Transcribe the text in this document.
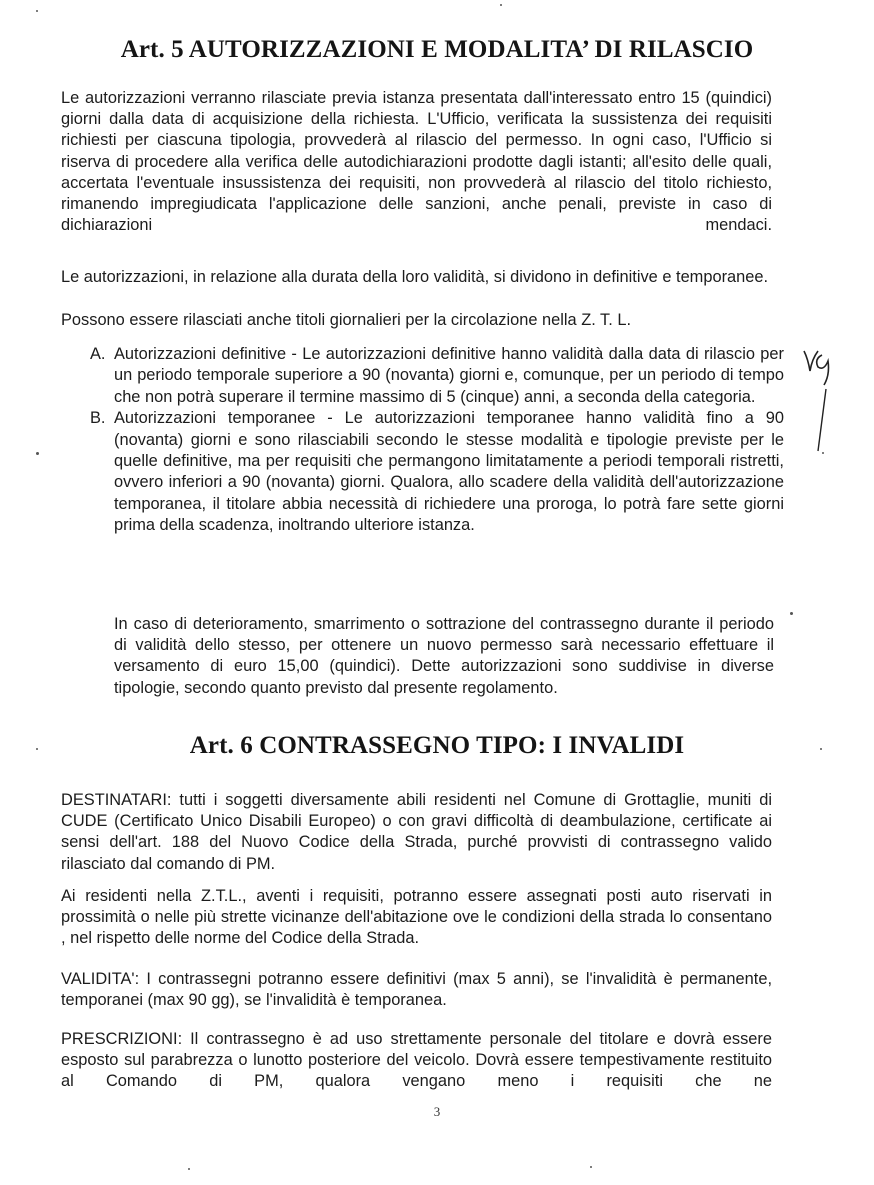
Art. 5 AUTORIZZAZIONI E MODALITA’ DI RILASCIO

Le autorizzazioni verranno rilasciate previa istanza presentata dall'interessato entro 15 (quindici) giorni dalla data di acquisizione della richiesta. L'Ufficio, verificata la sussistenza dei requisiti richiesti per ciascuna tipologia, provvederà al rilascio del permesso. In ogni caso, l'Ufficio si riserva di procedere alla verifica delle autodichiarazioni prodotte dagli istanti; all'esito delle quali, accertata l'eventuale insussistenza dei requisiti, non provvederà al rilascio del titolo richiesto, rimanendo impregiudicata l'applicazione delle sanzioni, anche penali, previste in caso di dichiarazioni mendaci.

Le autorizzazioni, in relazione alla durata della loro validità, si dividono in definitive e temporanee.

Possono essere rilasciati anche titoli giornalieri per la circolazione nella Z. T. L.

A. Autorizzazioni definitive - Le autorizzazioni definitive hanno validità dalla data di rilascio per un periodo temporale superiore a 90 (novanta) giorni e, comunque, per un periodo di tempo che non potrà superare il termine massimo di 5 (cinque) anni, a seconda della categoria.
B. Autorizzazioni temporanee - Le autorizzazioni temporanee hanno validità fino a 90 (novanta) giorni e sono rilasciabili secondo le stesse modalità e tipologie previste per le quelle definitive, ma per requisiti che permangono limitatamente a periodi temporali ristretti, ovvero inferiori a 90 (novanta) giorni. Qualora, allo scadere della validità dell'autorizzazione temporanea, il titolare abbia necessità di richiedere una proroga, lo potrà fare sette giorni prima della scadenza, inoltrando ulteriore istanza.

In caso di deterioramento, smarrimento o sottrazione del contrassegno durante il periodo di validità dello stesso, per ottenere un nuovo permesso sarà necessario effettuare il versamento di euro 15,00 (quindici). Dette autorizzazioni sono suddivise in diverse tipologie, secondo quanto previsto dal presente regolamento.

Art. 6 CONTRASSEGNO TIPO: I INVALIDI

DESTINATARI: tutti i soggetti diversamente abili residenti nel Comune di Grottaglie, muniti di CUDE (Certificato Unico Disabili Europeo) o con gravi difficoltà di deambulazione, certificate ai sensi dell'art. 188 del Nuovo Codice della Strada, purché provvisti di contrassegno valido rilasciato dal comando di PM.

Ai residenti nella Z.T.L., aventi i requisiti, potranno essere assegnati posti auto riservati in prossimità o nelle più strette vicinanze dell'abitazione ove le condizioni della strada lo consentano , nel rispetto delle norme del Codice della Strada.

VALIDITA': I contrassegni potranno essere definitivi (max 5 anni), se l'invalidità è permanente, temporanei (max 90 gg), se l'invalidità è temporanea.

PRESCRIZIONI: Il contrassegno è ad uso strettamente personale del titolare e dovrà essere esposto sul parabrezza o lunotto posteriore del veicolo. Dovrà essere tempestivamente restituito al Comando di PM, qualora vengano meno i requisiti che ne

3
